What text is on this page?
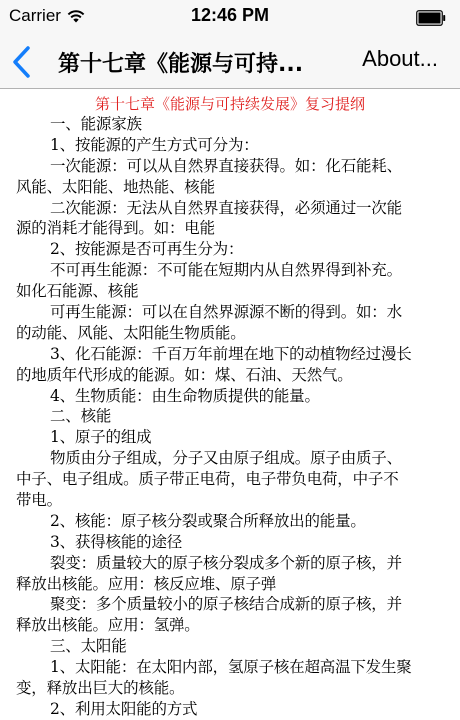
Carrier	12:46 PM
第十七章《能源与可持...	About...
第十七章《能源与可持续发展》复习提纲
一、能源家族
1、按能源的产生方式可分为：
一次能源：可以从自然界直接获得。如：化石能耗、
风能、太阳能、地热能、核能
二次能源：无法从自然界直接获得，必须通过一次能
源的消耗才能得到。如：电能
2、按能源是否可再生分为：
不可再生能源：不可能在短期内从自然界得到补充。
如化石能源、核能
可再生能源：可以在自然界源源不断的得到。如：水
的动能、风能、太阳能生物质能。
3、化石能源：千百万年前埋在地下的动植物经过漫长
的地质年代形成的能源。如：煤、石油、天然气。
4、生物质能：由生命物质提供的能量。
二、核能
1、原子的组成
物质由分子组成，分子又由原子组成。原子由质子、
中子、电子组成。质子带正电荷，电子带负电荷，中子不
带电。
2、核能：原子核分裂或聚合所释放出的能量。
3、获得核能的途径
裂变：质量较大的原子核分裂成多个新的原子核，并
释放出核能。应用：核反应堆、原子弹
聚变：多个质量较小的原子核结合成新的原子核，并
释放出核能。应用：氢弹。
三、太阳能
1、太阳能：在太阳内部，氢原子核在超高温下发生聚
变，释放出巨大的核能。
2、利用太阳能的方式
